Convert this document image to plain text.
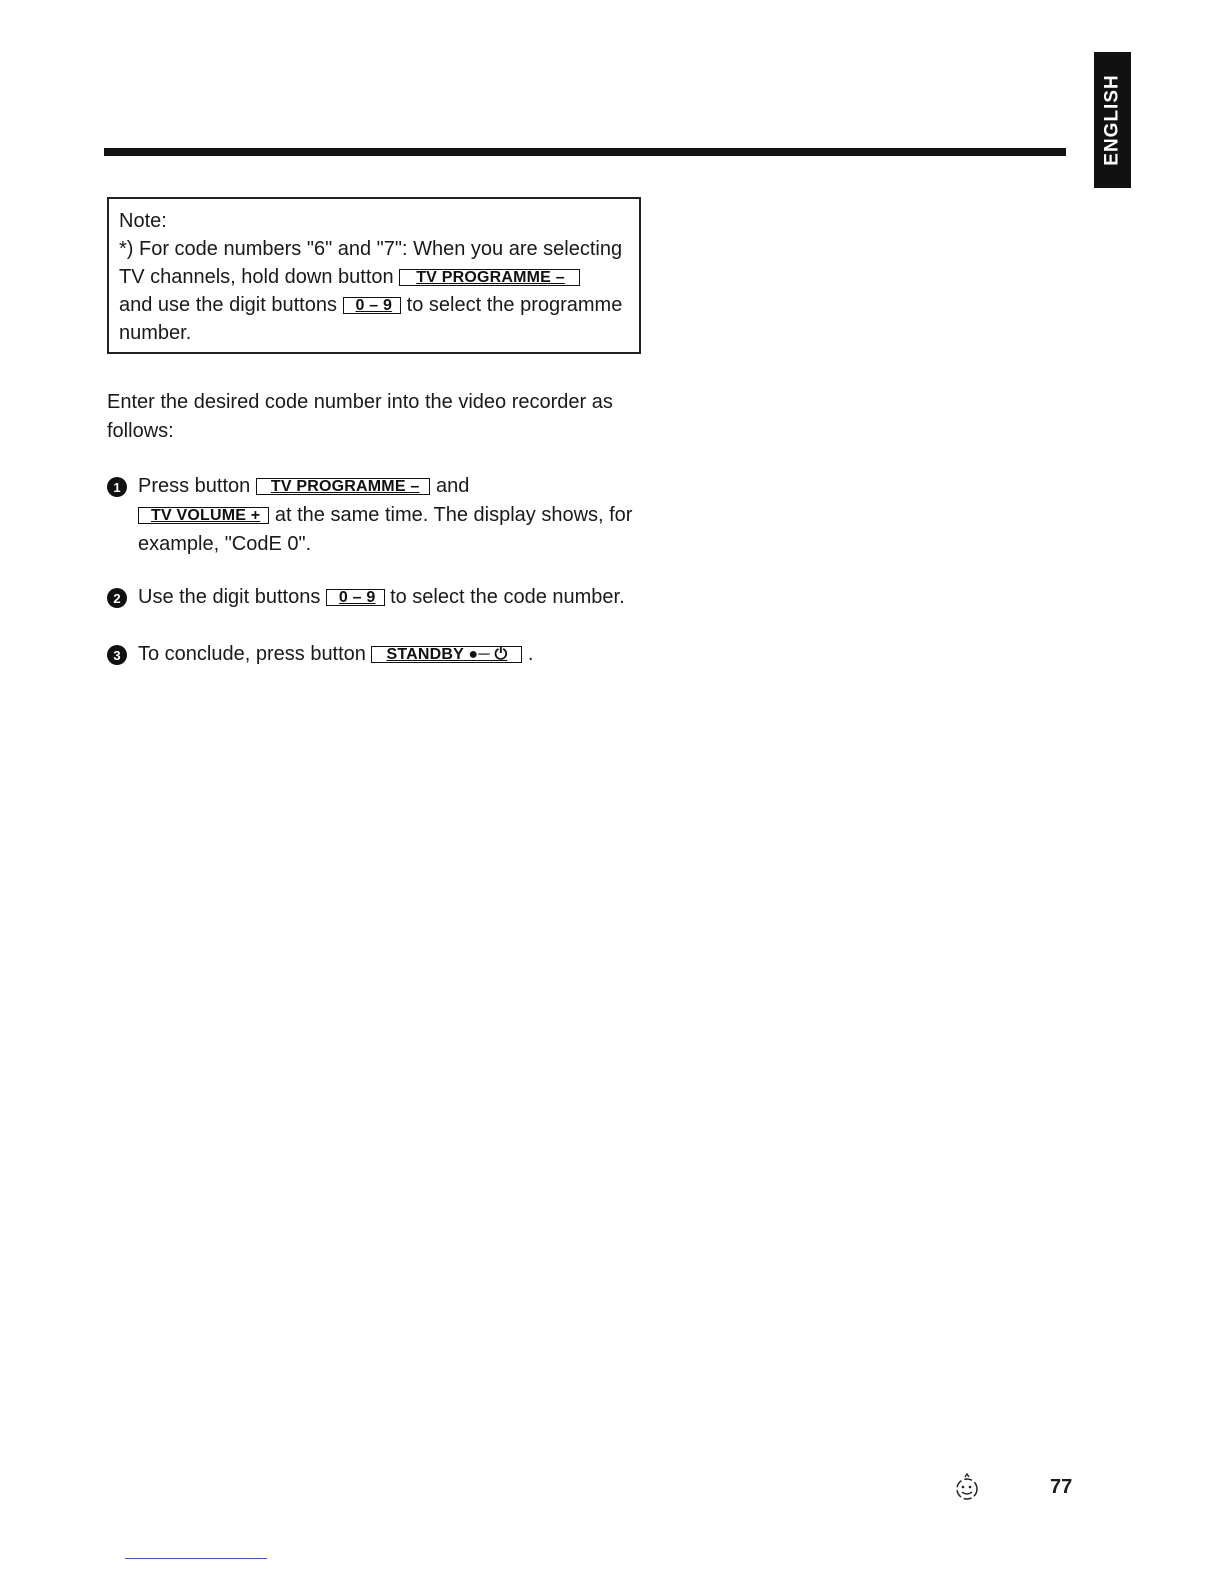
ENGLISH

Note:

*) For code numbers "6" and "7": When you are selecting

TV channels, hold down button TV PROGRAMME –

and use the digit buttons 0 – 9 to select the programme

number.

Enter the desired code number into the video recorder as follows:

1 Press button TV PROGRAMME – and
TV VOLUME + at the same time. The display shows, for example, "CodE 0".
2 Use the digit buttons 0 – 9 to select the code number.
3 To conclude, press button STANDBY ●─ ⏻ .
77
